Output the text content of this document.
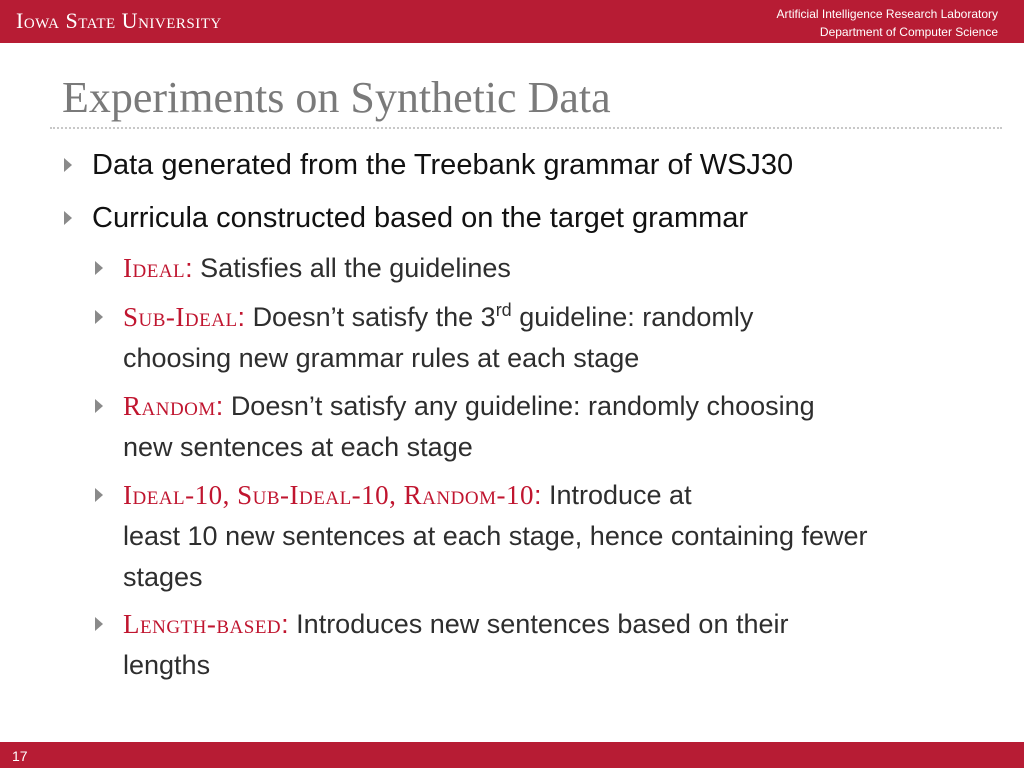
Iowa State University	Artificial Intelligence Research Laboratory
Department of Computer Science
Experiments on Synthetic Data
Data generated from the Treebank grammar of WSJ30
Curricula constructed based on the target grammar
Ideal: Satisfies all the guidelines
Sub-Ideal: Doesn’t satisfy the 3rd guideline: randomly
choosing new grammar rules at each stage
Random: Doesn’t satisfy any guideline: randomly choosing
new sentences at each stage
Ideal-10, Sub-Ideal-10, Random-10: Introduce at
least 10 new sentences at each stage, hence containing fewer
stages
Length-based: Introduces new sentences based on their
lengths
17
